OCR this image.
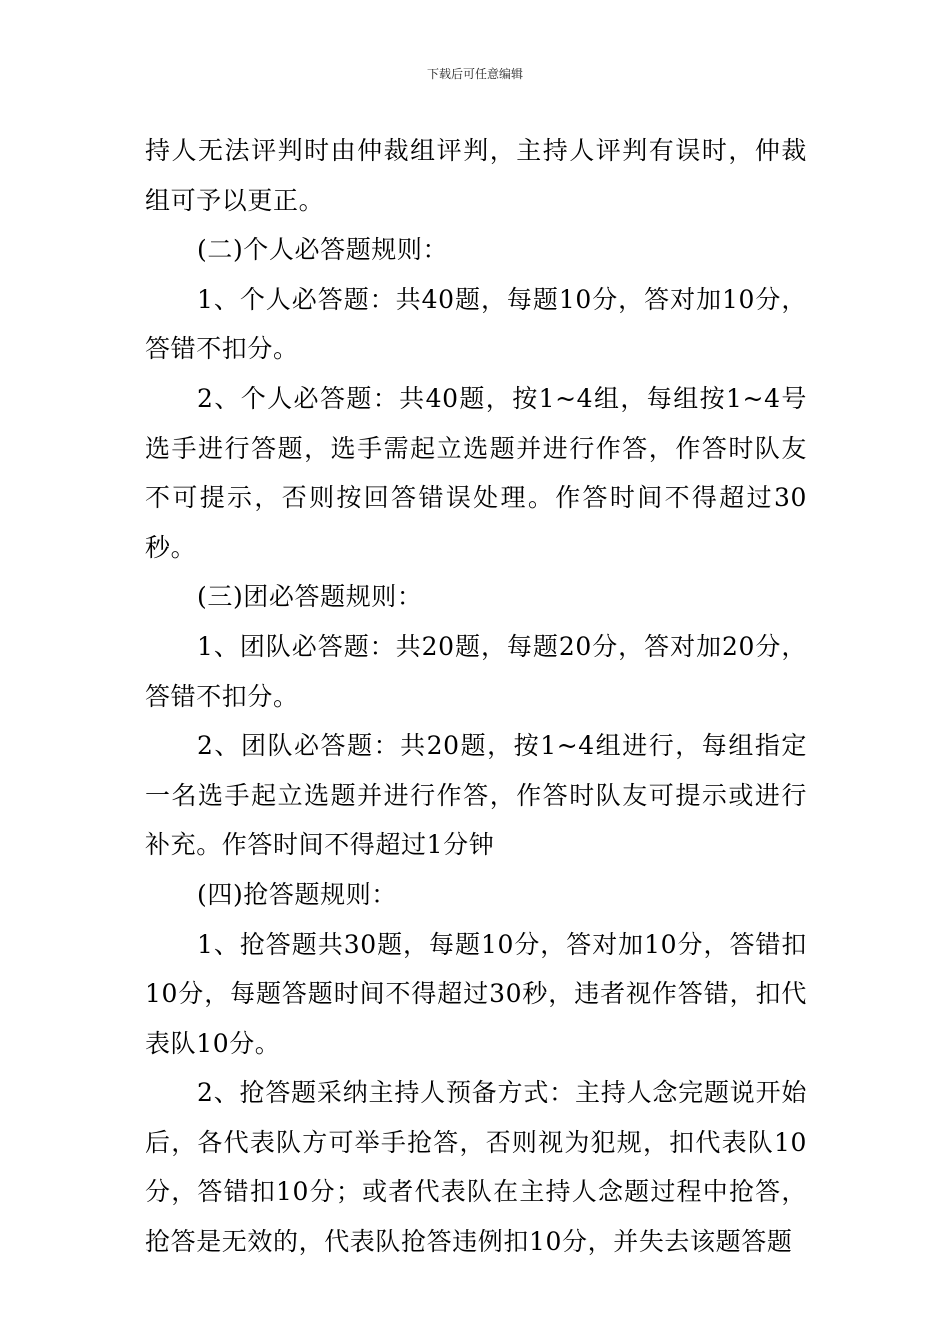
下载后可任意编辑

持人无法评判时由仲裁组评判，主持人评判有误时，仲裁组可予以更正。

(二)个人必答题规则：

1、个人必答题：共40题，每题10分，答对加10分，答错不扣分。

2、个人必答题：共40题，按1~4组，每组按1~4号选手进行答题，选手需起立选题并进行作答，作答时队友不可提示，否则按回答错误处理。作答时间不得超过30秒。

(三)团必答题规则：

1、团队必答题：共20题，每题20分，答对加20分，答错不扣分。

2、团队必答题：共20题，按1~4组进行，每组指定一名选手起立选题并进行作答，作答时队友可提示或进行补充。作答时间不得超过1分钟

(四)抢答题规则：

1、抢答题共30题，每题10分，答对加10分，答错扣10分，每题答题时间不得超过30秒，违者视作答错，扣代表队10分。

2、抢答题采纳主持人预备方式：主持人念完题说开始后，各代表队方可举手抢答，否则视为犯规，扣代表队10分，答错扣10分；或者代表队在主持人念题过程中抢答，抢答是无效的，代表队抢答违例扣10分，并失去该题答题
